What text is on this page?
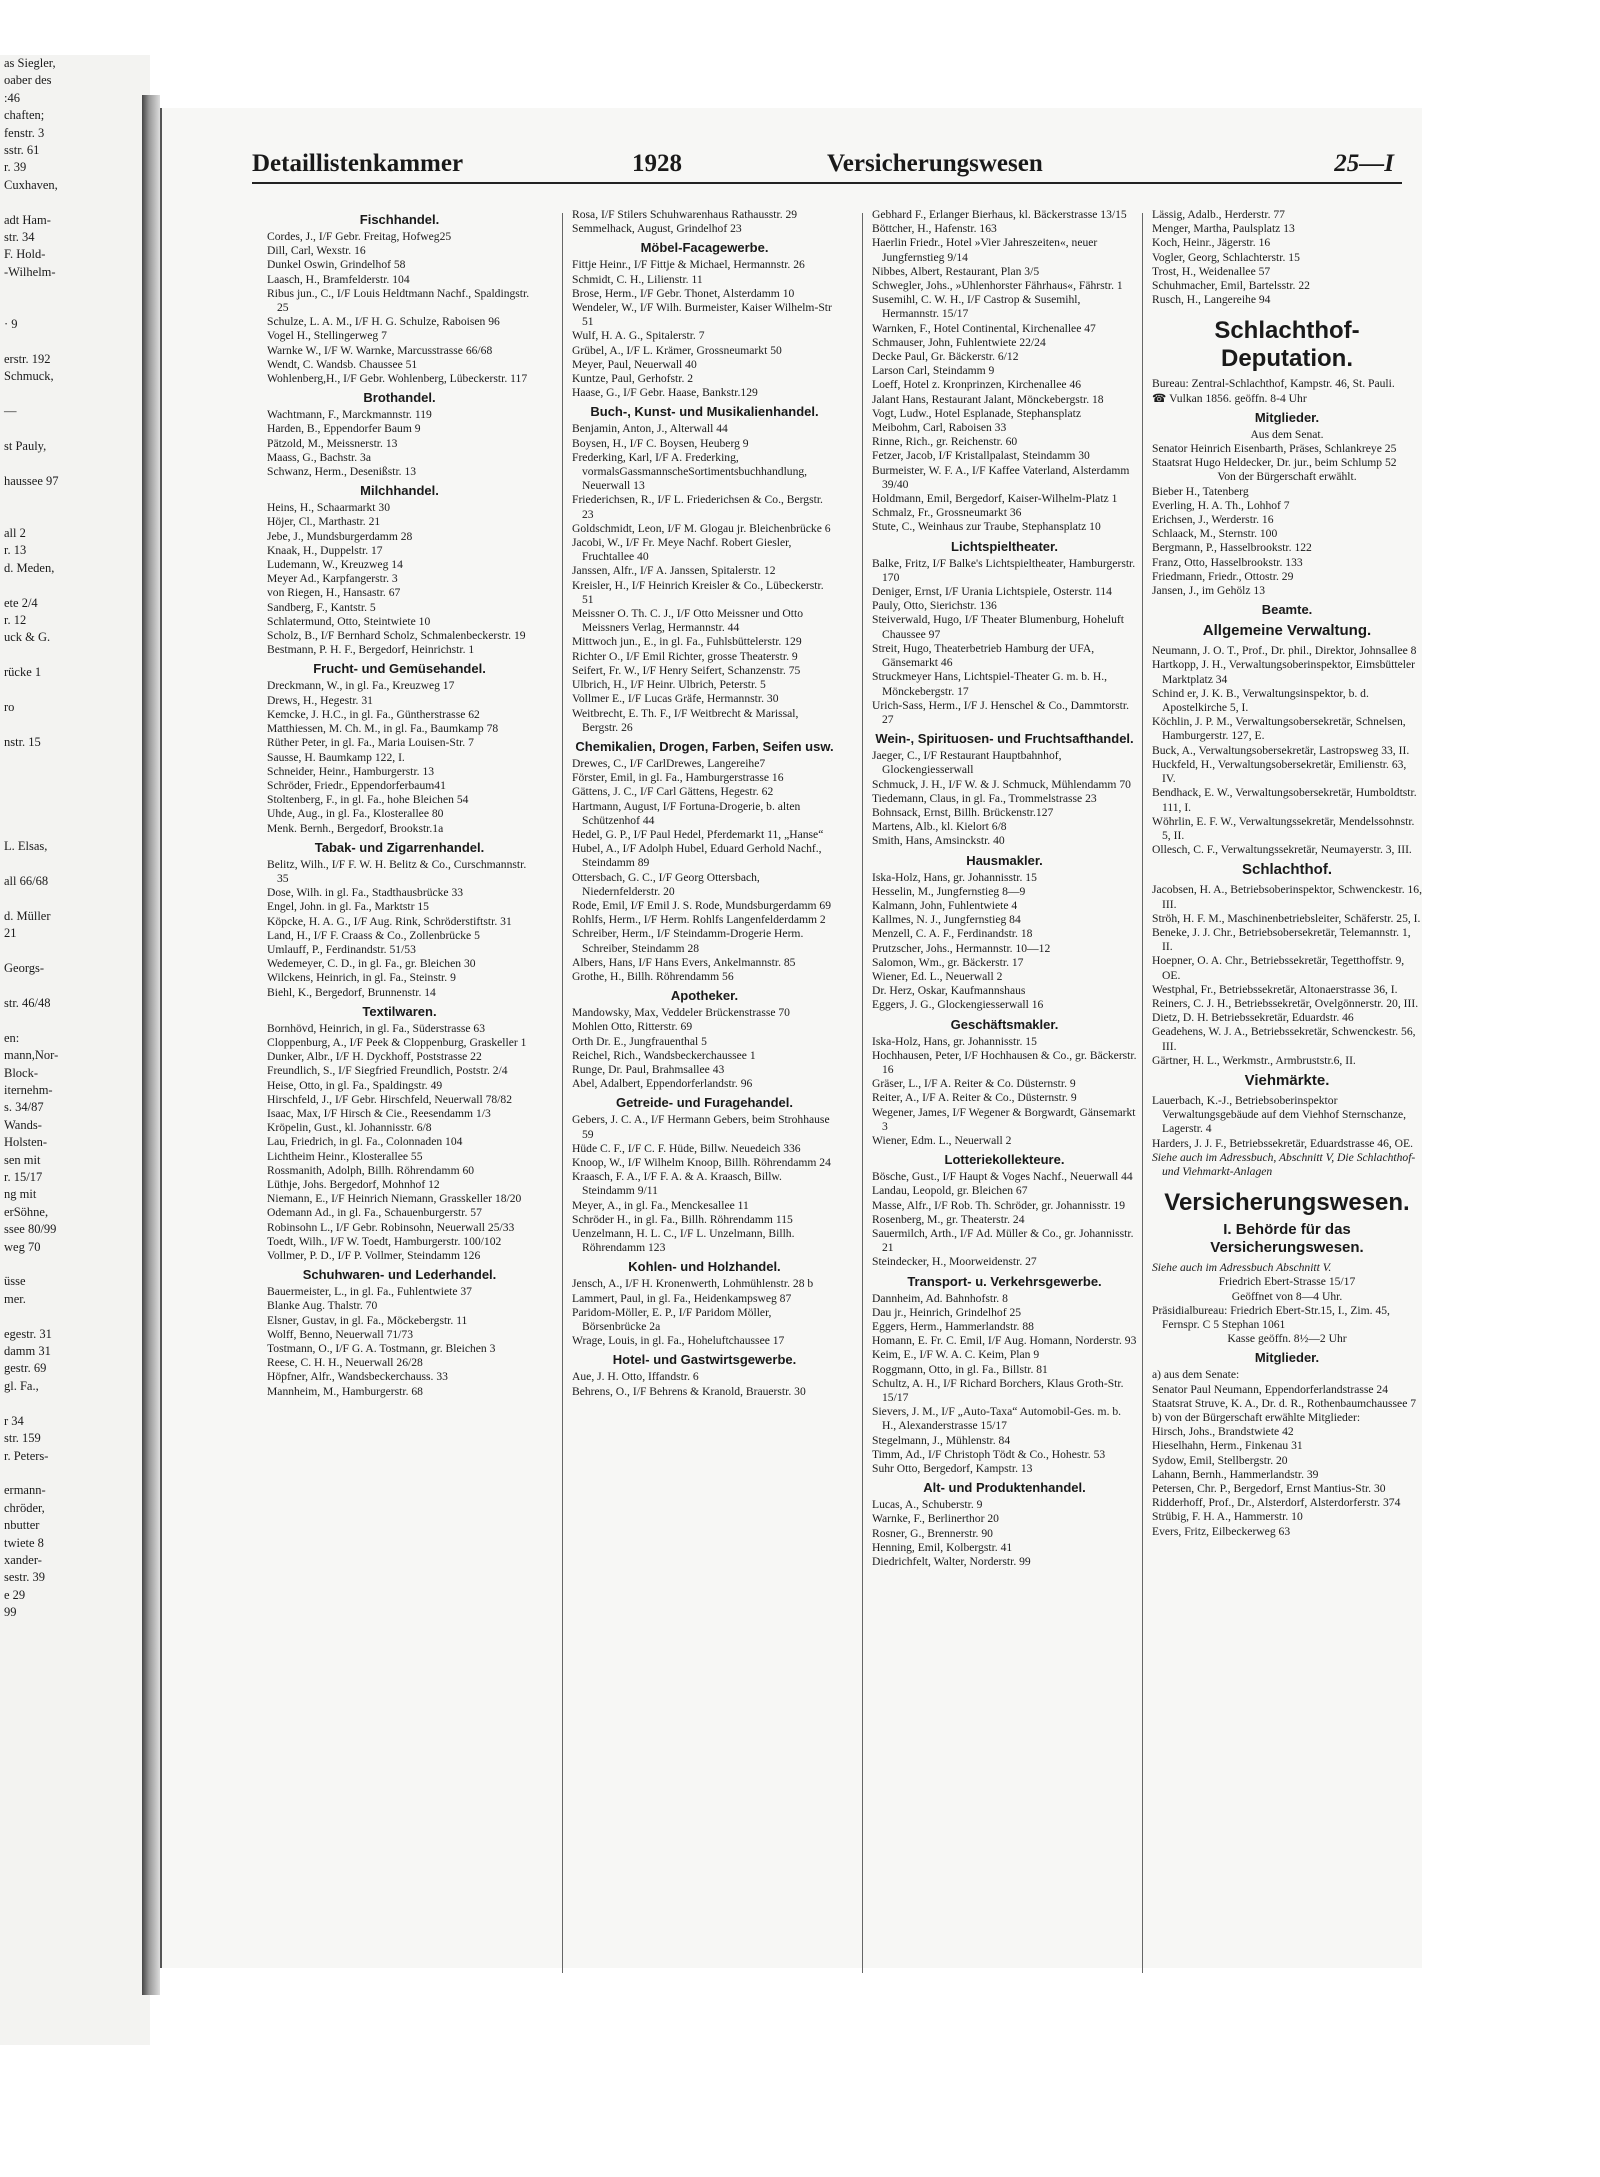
as Siegler,
oaber des
:46
chaften;
fenstr. 3
sstr. 61
r. 39
Cuxhaven,

adt Ham-
str. 34
F. Hold-
-Wilhelm-

· 9

erstr. 192
Schmuck,

—

st Pauly,

haussee 97

all 2
r. 13
d. Meden,

ete 2/4
r. 12
uck & G.

rücke 1

ro

nstr. 15

L. Elsas,

all 66/68

d. Müller
21

Georgs-

str. 46/48

en:
mann,Nor-
Block-
iternehm-
s. 34/87
Wands-
Holsten-
sen mit
r. 15/17
ng mit
erSöhne,
ssee 80/99
weg 70

üsse
mer.

egestr. 31
damm 31
gestr. 69
gl. Fa.,

r 34
str. 159
r. Peters-

ermann-
chröder,
nbutter
twiete 8
xander-
sestr. 39
e 29
99
Detaillistenkammer	1928	Versicherungswesen	25—I

Fischhandel.

Cordes, J., I/F Gebr. Freitag, Hofweg25

Dill, Carl, Wexstr. 16

Dunkel Oswin, Grindelhof 58

Laasch, H., Bramfelderstr. 104

Ribus jun., C., I/F Louis Heldtmann Nachf., Spaldingstr. 25

Schulze, L. A. M., I/F H. G. Schulze, Raboisen 96

Vogel H., Stellingerweg 7

Warnke W., I/F W. Warnke, Marcusstrasse 66/68

Wendt, C. Wandsb. Chaussee 51

Wohlenberg,H., I/F Gebr. Wohlenberg, Lübeckerstr. 117

Brothandel.

Wachtmann, F., Marckmannstr. 119

Harden, B., Eppendorfer Baum 9

Pätzold, M., Meissnerstr. 13

Maass, G., Bachstr. 3a

Schwanz, Herm., Desenißstr. 13

Milchhandel.

Heins, H., Schaarmarkt 30

Höjer, Cl., Marthastr. 21

Jebe, J., Mundsburgerdamm 28

Knaak, H., Duppelstr. 17

Ludemann, W., Kreuzweg 14

Meyer Ad., Karpfangerstr. 3

von Riegen, H., Hansastr. 67

Sandberg, F., Kantstr. 5

Schlatermund, Otto, Steintwiete 10

Scholz, B., I/F Bernhard Scholz, Schmalenbeckerstr. 19

Bestmann, P. H. F., Bergedorf, Heinrichstr. 1

Frucht- und Gemüsehandel.

Dreckmann, W., in gl. Fa., Kreuzweg 17

Drews, H., Hegestr. 31

Kemcke, J. H.C., in gl. Fa., Güntherstrasse 62

Matthiessen, M. Ch. M., in gl. Fa., Baumkamp 78

Rüther Peter, in gl. Fa., Maria Louisen-Str. 7

Sausse, H. Baumkamp 122, I.

Schneider, Heinr., Hamburgerstr. 13

Schröder, Friedr., Eppendorferbaum41

Stoltenberg, F., in gl. Fa., hohe Bleichen 54

Uhde, Aug., in gl. Fa., Klosterallee 80

Menk. Bernh., Bergedorf, Brookstr.1a

Tabak- und Zigarrenhandel.

Belitz, Wilh., I/F F. W. H. Belitz & Co., Curschmannstr. 35

Dose, Wilh. in gl. Fa., Stadthausbrücke 33

Engel, John. in gl. Fa., Marktstr 15

Köpcke, H. A. G., I/F Aug. Rink, Schröderstiftstr. 31

Land, H., I/F F. Craass & Co., Zollenbrücke 5

Umlauff, P., Ferdinandstr. 51/53

Wedemeyer, C. D., in gl. Fa., gr. Bleichen 30

Wilckens, Heinrich, in gl. Fa., Steinstr. 9

Biehl, K., Bergedorf, Brunnenstr. 14

Textilwaren.

Bornhövd, Heinrich, in gl. Fa., Süderstrasse 63

Cloppenburg, A., I/F Peek & Cloppenburg, Graskeller 1

Dunker, Albr., I/F H. Dyckhoff, Poststrasse 22

Freundlich, S., I/F Siegfried Freundlich, Poststr. 2/4

Heise, Otto, in gl. Fa., Spaldingstr. 49

Hirschfeld, J., I/F Gebr. Hirschfeld, Neuerwall 78/82

Isaac, Max, I/F Hirsch & Cie., Reesendamm 1/3

Kröpelin, Gust., kl. Johannisstr. 6/8

Lau, Friedrich, in gl. Fa., Colonnaden 104

Lichtheim Heinr., Klosterallee 55

Rossmanith, Adolph, Billh. Röhrendamm 60

Lüthje, Johs. Bergedorf, Mohnhof 12

Niemann, E., I/F Heinrich Niemann, Grasskeller 18/20

Odemann Ad., in gl. Fa., Schauenburgerstr. 57

Robinsohn L., I/F Gebr. Robinsohn, Neuerwall 25/33

Toedt, Wilh., I/F W. Toedt, Hamburgerstr. 100/102

Vollmer, P. D., I/F P. Vollmer, Steindamm 126

Schuhwaren- und Lederhandel.

Bauermeister, L., in gl. Fa., Fuhlentwiete 37

Blanke Aug. Thalstr. 70

Elsner, Gustav, in gl. Fa., Möckebergstr. 11

Wolff, Benno, Neuerwall 71/73

Tostmann, O., I/F G. A. Tostmann, gr. Bleichen 3

Reese, C. H. H., Neuerwall 26/28

Höpfner, Alfr., Wandsbeckerchauss. 33

Mannheim, M., Hamburgerstr. 68

Rosa, I/F Stilers Schuhwarenhaus Rathausstr. 29

Semmelhack, August, Grindelhof 23

Möbel-Facagewerbe.

Fittje Heinr., I/F Fittje & Michael, Hermannstr. 26

Schmidt, C. H., Lilienstr. 11

Brose, Herm., I/F Gebr. Thonet, Alsterdamm 10

Wendeler, W., I/F Wilh. Burmeister, Kaiser Wilhelm-Str 51

Wulf, H. A. G., Spitalerstr. 7

Grübel, A., I/F L. Krämer, Grossneumarkt 50

Meyer, Paul, Neuerwall 40

Kuntze, Paul, Gerhofstr. 2

Haase, G., I/F Gebr. Haase, Bankstr.129

Buch-, Kunst- und Musikalienhandel.

Benjamin, Anton, J., Alterwall 44

Boysen, H., I/F C. Boysen, Heuberg 9

Frederking, Karl, I/F A. Frederking, vormalsGassmannscheSortimentsbuchhandlung, Neuerwall 13

Friederichsen, R., I/F L. Friederichsen & Co., Bergstr. 23

Goldschmidt, Leon, I/F M. Glogau jr. Bleichenbrücke 6

Jacobi, W., I/F Fr. Meye Nachf. Robert Giesler, Fruchtallee 40

Janssen, Alfr., I/F A. Janssen, Spitalerstr. 12

Kreisler, H., I/F Heinrich Kreisler & Co., Lübeckerstr. 51

Meissner O. Th. C. J., I/F Otto Meissner und Otto Meissners Verlag, Hermannstr. 44

Mittwoch jun., E., in gl. Fa., Fuhlsbüttelerstr. 129

Richter O., I/F Emil Richter, grosse Theaterstr. 9

Seifert, Fr. W., I/F Henry Seifert, Schanzenstr. 75

Ulbrich, H., I/F Heinr. Ulbrich, Peterstr. 5

Vollmer E., I/F Lucas Gräfe, Hermannstr. 30

Weitbrecht, E. Th. F., I/F Weitbrecht & Marissal, Bergstr. 26

Chemikalien, Drogen, Farben, Seifen usw.

Drewes, C., I/F CarlDrewes, Langereihe7

Förster, Emil, in gl. Fa., Hamburgerstrasse 16

Gättens, J. C., I/F Carl Gättens, Hegestr. 62

Hartmann, August, I/F Fortuna-Drogerie, b. alten Schützenhof 44

Hedel, G. P., I/F Paul Hedel, Pferdemarkt 11, „Hanse“

Hubel, A., I/F Adolph Hubel, Eduard Gerhold Nachf., Steindamm 89

Ottersbach, G. C., I/F Georg Ottersbach, Niedernfelderstr. 20

Rode, Emil, I/F Emil J. S. Rode, Mundsburgerdamm 69

Rohlfs, Herm., I/F Herm. Rohlfs Langenfelderdamm 2

Schreiber, Herm., I/F Steindamm-Drogerie Herm. Schreiber, Steindamm 28

Albers, Hans, I/F Hans Evers, Ankelmannstr. 85

Grothe, H., Billh. Röhrendamm 56

Apotheker.

Mandowsky, Max, Veddeler Brückenstrasse 70

Mohlen Otto, Ritterstr. 69

Orth Dr. E., Jungfrauenthal 5

Reichel, Rich., Wandsbeckerchaussee 1

Runge, Dr. Paul, Brahmsallee 43

Abel, Adalbert, Eppendorferlandstr. 96

Getreide- und Furagehandel.

Gebers, J. C. A., I/F Hermann Gebers, beim Strohhause 59

Hüde C. F., I/F C. F. Hüde, Billw. Neuedeich 336

Knoop, W., I/F Wilhelm Knoop, Billh. Röhrendamm 24

Kraasch, F. A., I/F F. A. & A. Kraasch, Billw. Steindamm 9/11

Meyer, A., in gl. Fa., Menckesallee 11

Schröder H., in gl. Fa., Billh. Röhrendamm 115

Uenzelmann, H. L. C., I/F L. Unzelmann, Billh. Röhrendamm 123

Kohlen- und Holzhandel.

Jensch, A., I/F H. Kronenwerth, Lohmühlenstr. 28 b

Lammert, Paul, in gl. Fa., Heidenkampsweg 87

Paridom-Möller, E. P., I/F Paridom Möller, Börsenbrücke 2a

Wrage, Louis, in gl. Fa., Hoheluftchaussee 17

Hotel- und Gastwirtsgewerbe.

Aue, J. H. Otto, Iffandstr. 6

Behrens, O., I/F Behrens & Kranold, Brauerstr. 30

Gebhard F., Erlanger Bierhaus, kl. Bäckerstrasse 13/15

Böttcher, H., Hafenstr. 163

Haerlin Friedr., Hotel »Vier Jahreszeiten«, neuer Jungfernstieg 9/14

Nibbes, Albert, Restaurant, Plan 3/5

Schwegler, Johs., »Uhlenhorster Fährhaus«, Fährstr. 1

Susemihl, C. W. H., I/F Castrop & Susemihl, Hermannstr. 15/17

Warnken, F., Hotel Continental, Kirchenallee 47

Schmauser, John, Fuhlentwiete 22/24

Decke Paul, Gr. Bäckerstr. 6/12

Larson Carl, Steindamm 9

Loeff, Hotel z. Kronprinzen, Kirchenallee 46

Jalant Hans, Restaurant Jalant, Mönckebergstr. 18

Vogt, Ludw., Hotel Esplanade, Stephansplatz

Meibohm, Carl, Raboisen 33

Rinne, Rich., gr. Reichenstr. 60

Fetzer, Jacob, I/F Kristallpalast, Steindamm 30

Burmeister, W. F. A., I/F Kaffee Vaterland, Alsterdamm 39/40

Holdmann, Emil, Bergedorf, Kaiser-Wilhelm-Platz 1

Schmalz, Fr., Grossneumarkt 36

Stute, C., Weinhaus zur Traube, Stephansplatz 10

Lichtspieltheater.

Balke, Fritz, I/F Balke's Lichtspieltheater, Hamburgerstr. 170

Deniger, Ernst, I/F Urania Lichtspiele, Osterstr. 114

Pauly, Otto, Sierichstr. 136

Steiverwald, Hugo, I/F Theater Blumenburg, Hoheluft Chaussee 97

Streit, Hugo, Theaterbetrieb Hamburg der UFA, Gänsemarkt 46

Struckmeyer Hans, Lichtspiel-Theater G. m. b. H., Mönckebergstr. 17

Urich-Sass, Herm., I/F J. Henschel & Co., Dammtorstr. 27

Wein-, Spirituosen- und Fruchtsafthandel.

Jaeger, C., I/F Restaurant Hauptbahnhof, Glockengiesserwall

Schmuck, J. H., I/F W. & J. Schmuck, Mühlendamm 70

Tiedemann, Claus, in gl. Fa., Trommelstrasse 23

Bohnsack, Ernst, Billh. Brückenstr.127

Martens, Alb., kl. Kielort 6/8

Smith, Hans, Amsinckstr. 40

Hausmakler.

Iska-Holz, Hans, gr. Johannisstr. 15

Hesselin, M., Jungfernstieg 8—9

Kalmann, John, Fuhlentwiete 4

Kallmes, N. J., Jungfernstieg 84

Menzell, C. A. F., Ferdinandstr. 18

Prutzscher, Johs., Hermannstr. 10—12

Salomon, Wm., gr. Bäckerstr. 17

Wiener, Ed. L., Neuerwall 2

Dr. Herz, Oskar, Kaufmannshaus

Eggers, J. G., Glockengiesserwall 16

Geschäftsmakler.

Iska-Holz, Hans, gr. Johannisstr. 15

Hochhausen, Peter, I/F Hochhausen & Co., gr. Bäckerstr. 16

Gräser, L., I/F A. Reiter & Co. Düsternstr. 9

Reiter, A., I/F A. Reiter & Co., Düsternstr. 9

Wegener, James, I/F Wegener & Borgwardt, Gänsemarkt 3

Wiener, Edm. L., Neuerwall 2

Lotteriekollekteure.

Bösche, Gust., I/F Haupt & Voges Nachf., Neuerwall 44

Landau, Leopold, gr. Bleichen 67

Masse, Alfr., I/F Rob. Th. Schröder, gr. Johannisstr. 19

Rosenberg, M., gr. Theaterstr. 24

Sauermilch, Arth., I/F Ad. Müller & Co., gr. Johannisstr. 21

Steindecker, H., Moorweidenstr. 27

Transport- u. Verkehrsgewerbe.

Dannheim, Ad. Bahnhofstr. 8

Dau jr., Heinrich, Grindelhof 25

Eggers, Herm., Hammerlandstr. 88

Homann, E. Fr. C. Emil, I/F Aug. Homann, Norderstr. 93

Keim, E., I/F W. A. C. Keim, Plan 9

Roggmann, Otto, in gl. Fa., Billstr. 81

Schultz, A. H., I/F Richard Borchers, Klaus Groth-Str. 15/17

Sievers, J. M., I/F „Auto-Taxa“ Automobil-Ges. m. b. H., Alexanderstrasse 15/17

Stegelmann, J., Mühlenstr. 84

Timm, Ad., I/F Christoph Tödt & Co., Hohestr. 53

Suhr Otto, Bergedorf, Kampstr. 13

Alt- und Produktenhandel.

Lucas, A., Schuberstr. 9

Warnke, F., Berlinerthor 20

Rosner, G., Brennerstr. 90

Henning, Emil, Kolbergstr. 41

Diedrichfelt, Walter, Norderstr. 99

Lässig, Adalb., Herderstr. 77

Menger, Martha, Paulsplatz 13

Koch, Heinr., Jägerstr. 16

Vogler, Georg, Schlachterstr. 15

Trost, H., Weidenallee 57

Schuhmacher, Emil, Bartelsstr. 22

Rusch, H., Langereihe 94

Schlachthof-Deputation.

Bureau: Zentral-Schlachthof, Kampstr. 46, St. Pauli.

☎ Vulkan 1856. geöffn. 8-4 Uhr

Mitglieder.

Aus dem Senat.

Senator Heinrich Eisenbarth, Präses, Schlankreye 25

Staatsrat Hugo Heldecker, Dr. jur., beim Schlump 52

Von der Bürgerschaft erwählt.

Bieber H., Tatenberg

Everling, H. A. Th., Lohhof 7

Erichsen, J., Werderstr. 16

Schlaack, M., Sternstr. 100

Bergmann, P., Hasselbrookstr. 122

Franz, Otto, Hasselbrookstr. 133

Friedmann, Friedr., Ottostr. 29

Jansen, J., im Gehölz 13

Beamte.

Allgemeine Verwaltung.

Neumann, J. O. T., Prof., Dr. phil., Direktor, Johnsallee 8

Hartkopp, J. H., Verwaltungsoberinspektor, Eimsbütteler Marktplatz 34

Schind er, J. K. B., Verwaltungsinspektor, b. d. Apostelkirche 5, I.

Köchlin, J. P. M., Verwaltungsobersekretär, Schnelsen, Hamburgerstr. 127, E.

Buck, A., Verwaltungsobersekretär, Lastropsweg 33, II.

Huckfeld, H., Verwaltungsobersekretär, Emilienstr. 63, IV.

Bendhack, E. W., Verwaltungsobersekretär, Humboldtstr. 111, I.

Wöhrlin, E. F. W., Verwaltungssekretär, Mendelssohnstr. 5, II.

Ollesch, C. F., Verwaltungssekretär, Neumayerstr. 3, III.

Schlachthof.

Jacobsen, H. A., Betriebsoberinspektor, Schwenckestr. 16, III.

Ströh, H. F. M., Maschinenbetriebsleiter, Schäferstr. 25, I.

Beneke, J. J. Chr., Betriebsobersekretär, Telemannstr. 1, II.

Hoepner, O. A. Chr., Betriebssekretär, Tegetthoffstr. 9, OE.

Westphal, Fr., Betriebssekretär, Altonaerstrasse 36, I.

Reiners, C. J. H., Betriebssekretär, Ovelgönnerstr. 20, III.

Dietz, D. H. Betriebssekretär, Eduardstr. 46

Geadehens, W. J. A., Betriebssekretär, Schwenckestr. 56, III.

Gärtner, H. L., Werkmstr., Armbruststr.6, II.

Viehmärkte.

Lauerbach, K.-J., Betriebsoberinspektor Verwaltungsgebäude auf dem Viehhof Sternschanze, Lagerstr. 4

Harders, J. J. F., Betriebssekretär, Eduardstrasse 46, OE.

Siehe auch im Adressbuch, Abschnitt V, Die Schlachthof- und Viehmarkt-Anlagen

Versicherungswesen.

I. Behörde für das Versicherungswesen.

Siehe auch im Adressbuch Abschnitt V.

Friedrich Ebert-Strasse 15/17

Geöffnet von 8—4 Uhr.

Präsidialbureau: Friedrich Ebert-Str.15, I., Zim. 45, Fernspr. C 5 Stephan 1061

Kasse geöffn. 8½—2 Uhr

Mitglieder.

a) aus dem Senate:

Senator Paul Neumann, Eppendorferlandstrasse 24

Staatsrat Struve, K. A., Dr. d. R., Rothenbaumchaussee 7

b) von der Bürgerschaft erwählte Mitglieder:

Hirsch, Johs., Brandstwiete 42

Hieselhahn, Herm., Finkenau 31

Sydow, Emil, Stellbergstr. 20

Lahann, Bernh., Hammerlandstr. 39

Petersen, Chr. P., Bergedorf, Ernst Mantius-Str. 30

Ridderhoff, Prof., Dr., Alsterdorf, Alsterdorferstr. 374

Strübig, F. H. A., Hammerstr. 10

Evers, Fritz, Eilbeckerweg 63
